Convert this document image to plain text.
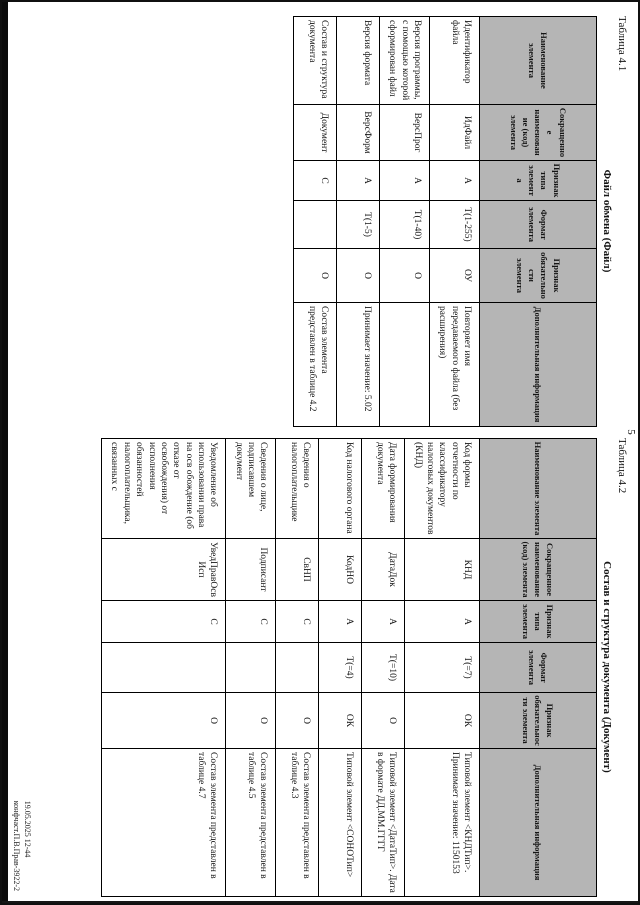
5
Таблица 4.1
Файл обмена (Файл)
Наименование элемента	Сокращенное наименование (код) элемента	Признак типа элемента	Формат элемента	Признак обязательности элемента	Дополнительная информация
Идентификатор файла	ИдФайл	А	Т(1-255)	ОУ	Повторяет имя передаваемого файла (без расширения)
Версия программы, с помощью которой сформирован файл	ВерсПрог	А	Т(1-40)	О	
Версия формата	ВерсФорм	А	Т(1-5)	О	Принимает значение: 5.02
Состав и структура документа	Документ	С		О	Состав элемента представлен в таблице 4.2
Таблица 4.2
Состав и структура документа (Документ)
Наименование элемента	Сокращенное наименование (код) элемента	Признак типа элемента	Формат элемента	Признак обязательности элемента	Дополнительная информация
Код формы отчетности по классификатору налоговых документов (КНД)	КНД	А	Т(=7)	ОК	Типовой элемент <КНДТип>. Принимает значение: 1150153
Дата формирования документа	ДатаДок	А	Т(=10)	О	Типовой элемент <ДатаТип>. Дата в формате ДД.ММ.ГГГГ
Код налогового органа	КодНО	А	Т(=4)	ОК	Типовой элемент <СОНОТип>
Сведения о налогоплательщике	СвНП	С		О	Состав элемента представлен в таблице 4.3
Сведения о лице, подписавшем документ	Подписант	С		О	Состав элемента представлен в таблице 4.5
Уведомление об использовании права на осв обождение (об отказе от освобождения) от исполнения обязанностей налогоплательщика, связанных с	УведПравОсвИсп	С		О	Состав элемента представлен в таблице 4.7
19.05.2025 12-44
конфчаст.П.В.Прав-3922-2
